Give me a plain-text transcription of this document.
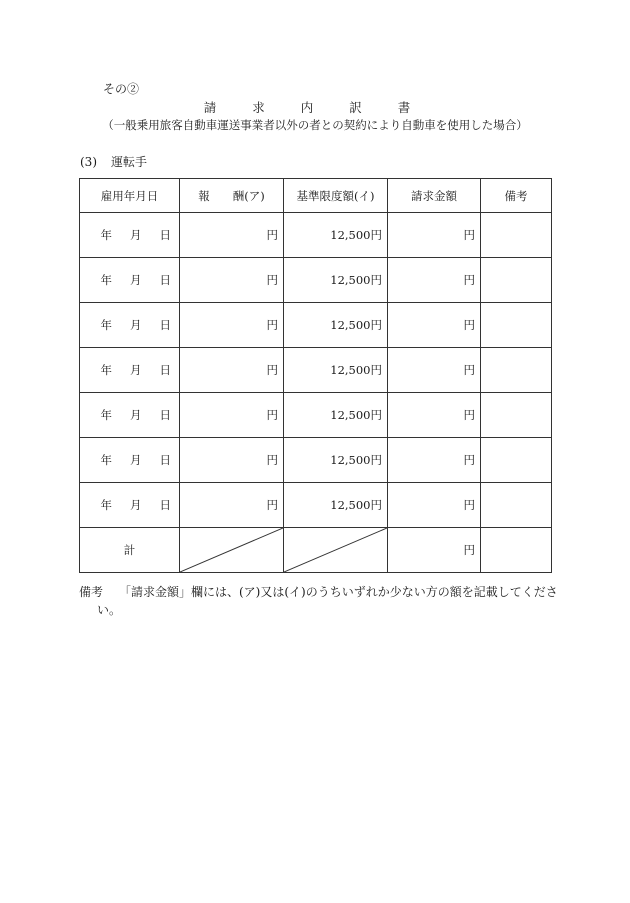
その②
請 求 内 訳 書
（一般乗用旅客自動車運送事業者以外の者との契約により自動車を使用した場合）
(3) 運転手
雇用年月日	報　　酬(ア)	基準限度額(イ)	請求金額	備考
年 月 日	円	12,500円	円	
年 月 日	円	12,500円	円	
年 月 日	円	12,500円	円	
年 月 日	円	12,500円	円	
年 月 日	円	12,500円	円	
年 月 日	円	12,500円	円	
年 月 日	円	12,500円	円	
計			円	
備考 「請求金額」欄には、(ア)又は(イ)のうちいずれか少ない方の額を記載してくださ
い。
